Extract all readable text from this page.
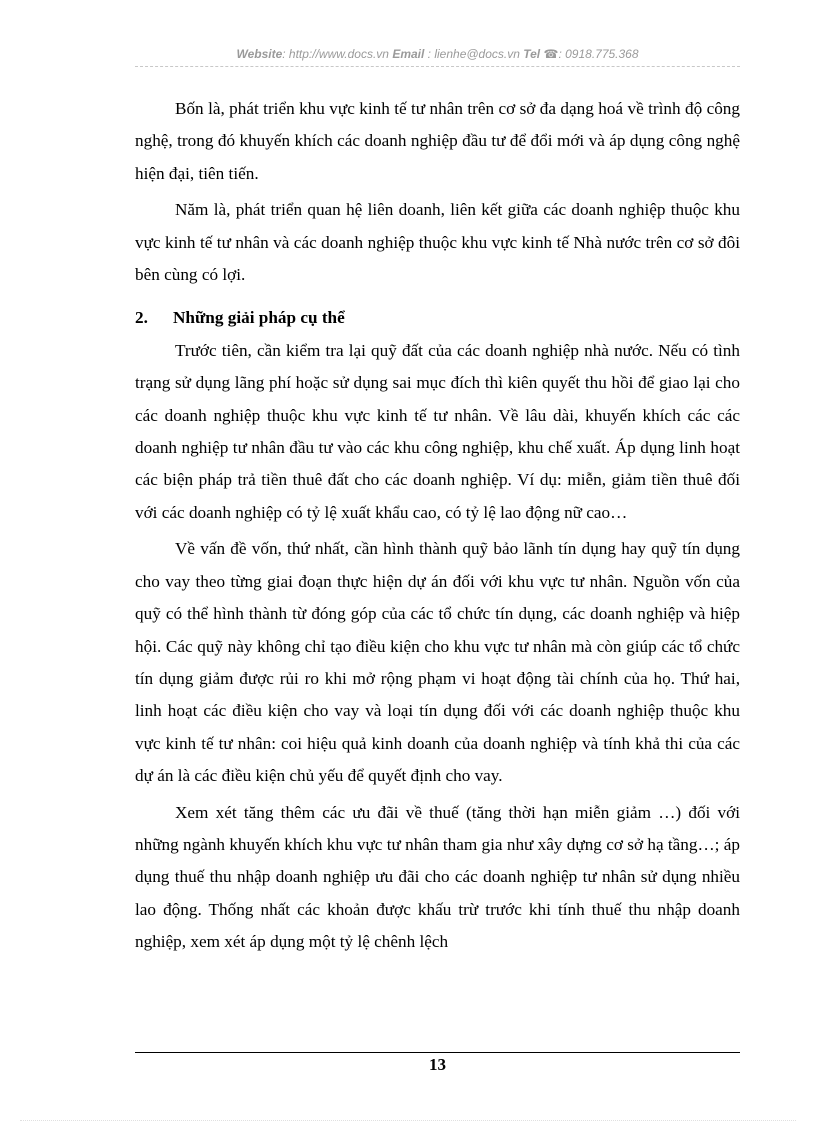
Website: http://www.docs.vn Email : lienhe@docs.vn Tel ☎: 0918.775.368

Bốn là, phát triển khu vực kinh tế tư nhân trên cơ sở đa dạng hoá về trình độ công nghệ, trong đó khuyến khích các doanh nghiệp đầu tư để đổi mới và áp dụng công nghệ hiện đại, tiên tiến.

Năm là, phát triển quan hệ liên doanh, liên kết giữa các doanh nghiệp thuộc khu vực kinh tế tư nhân và các doanh nghiệp thuộc khu vực kinh tế Nhà nước trên cơ sở đôi bên cùng có lợi.

2. Những giải pháp cụ thể

Trước tiên, cần kiểm tra lại quỹ đất của các doanh nghiệp nhà nước. Nếu có tình trạng sử dụng lãng phí hoặc sử dụng sai mục đích thì kiên quyết thu hồi để giao lại cho các doanh nghiệp thuộc khu vực kinh tế tư nhân. Về lâu dài, khuyến khích các các doanh nghiệp tư nhân đầu tư vào các khu công nghiệp, khu chế xuất. Áp dụng linh hoạt các biện pháp trả tiền thuê đất cho các doanh nghiệp. Ví dụ: miễn, giảm tiền thuê đối với các doanh nghiệp có tỷ lệ xuất khẩu cao, có tỷ lệ lao động nữ cao…

Về vấn đề vốn, thứ nhất, cần hình thành quỹ bảo lãnh tín dụng hay quỹ tín dụng cho vay theo từng giai đoạn thực hiện dự án đối với khu vực tư nhân. Nguồn vốn của quỹ có thể hình thành từ đóng góp của các tổ chức tín dụng, các doanh nghiệp và hiệp hội. Các quỹ này không chỉ tạo điều kiện cho khu vực tư nhân mà còn giúp các tổ chức tín dụng giảm được rủi ro khi mở rộng phạm vi hoạt động tài chính của họ. Thứ hai, linh hoạt các điều kiện cho vay và loại tín dụng đối với các doanh nghiệp thuộc khu vực kinh tế tư nhân: coi hiệu quả kinh doanh của doanh nghiệp và tính khả thi của các dự án là các điều kiện chủ yếu để quyết định cho vay.

Xem xét tăng thêm các ưu đãi về thuế (tăng thời hạn miễn giảm …) đối với những ngành khuyến khích khu vực tư nhân tham gia như xây dựng cơ sở hạ tầng…; áp dụng thuế thu nhập doanh nghiệp ưu đãi cho các doanh nghiệp tư nhân sử dụng nhiều lao động. Thống nhất các khoản được khấu trừ trước khi tính thuế thu nhập doanh nghiệp, xem xét áp dụng một tỷ lệ chênh lệch

13
